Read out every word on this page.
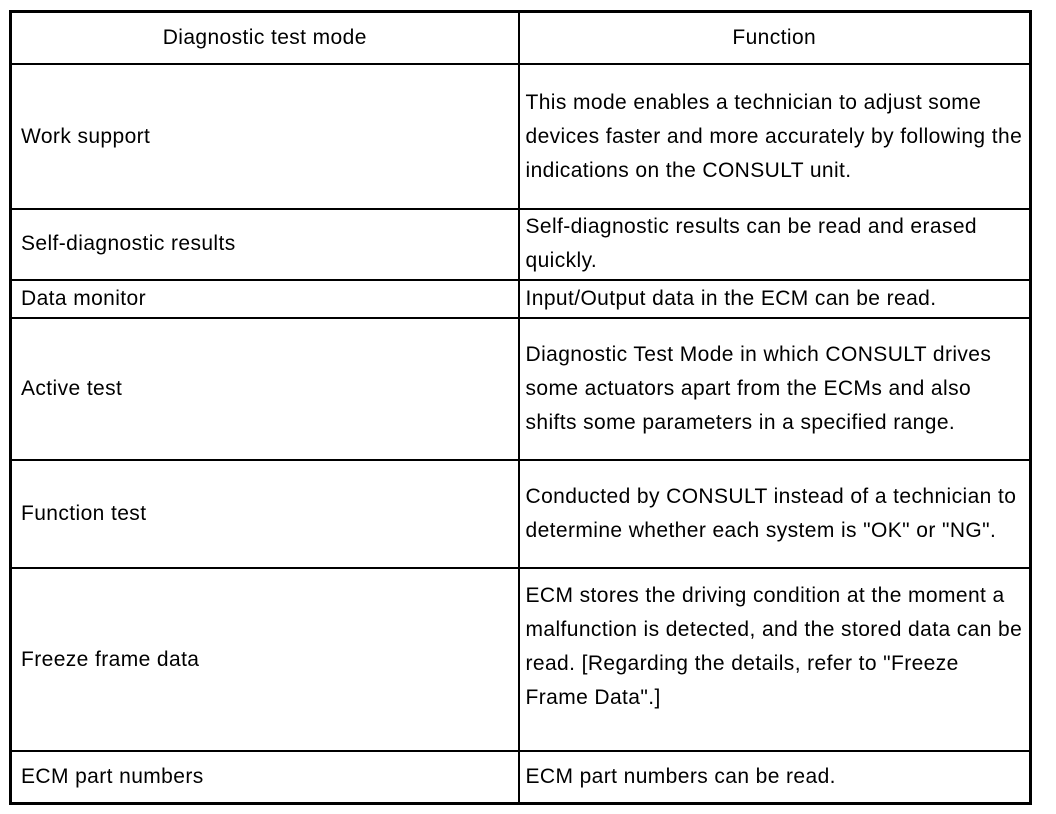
Diagnostic test mode	Function
Work support	This mode enables a technician to adjust some devices faster and more accurately by following the indications on the CONSULT unit.
Self-diagnostic results	Self-diagnostic results can be read and erased quickly.
Data monitor	Input/Output data in the ECM can be read.
Active test	Diagnostic Test Mode in which CONSULT drives some actuators apart from the ECMs and also shifts some parameters in a specified range.
Function test	Conducted by CONSULT instead of a technician to determine whether each system is "OK" or "NG".
Freeze frame data	ECM stores the driving condition at the moment a malfunction is detected, and the stored data can be read. [Regarding the details, refer to "Freeze Frame Data".]
ECM part numbers	ECM part numbers can be read.
